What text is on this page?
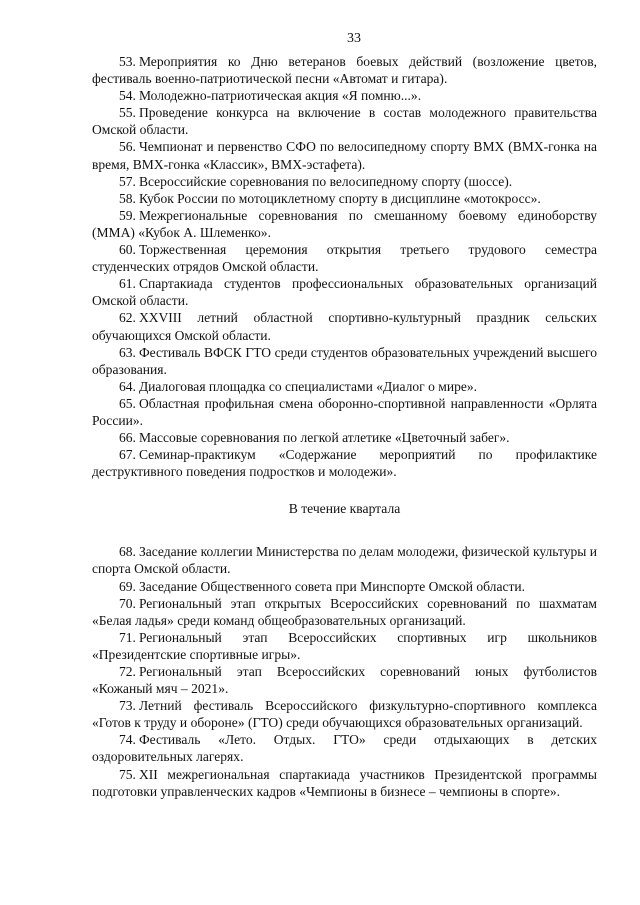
33

53. Мероприятия ко Дню ветеранов боевых действий (возложение цветов, фестиваль военно-патриотической песни «Автомат и гитара).

54. Молодежно-патриотическая акция «Я помню...».

55. Проведение конкурса на включение в состав молодежного правительства Омской области.

56. Чемпионат и первенство СФО по велосипедному спорту ВМХ (ВМХ-гонка на время, ВМХ-гонка «Классик», ВМХ-эстафета).

57. Всероссийские соревнования по велосипедному спорту (шоссе).

58. Кубок России по мотоциклетному спорту в дисциплине «мотокросс».

59. Межрегиональные соревнования по смешанному боевому единоборству (ММА) «Кубок А. Шлеменко».

60. Торжественная церемония открытия третьего трудового семестра студенческих отрядов Омской области.

61. Спартакиада студентов профессиональных образовательных организаций Омской области.

62. XXVIII летний областной спортивно-культурный праздник сельских обучающихся Омской области.

63. Фестиваль ВФСК ГТО среди студентов образовательных учреждений высшего образования.

64. Диалоговая площадка со специалистами «Диалог о мире».

65. Областная профильная смена оборонно-спортивной направленности «Орлята России».

66. Массовые соревнования по легкой атлетике «Цветочный забег».

67. Семинар-практикум «Содержание мероприятий по профилактике деструктивного поведения подростков и молодежи».

В течение квартала

68. Заседание коллегии Министерства по делам молодежи, физической культуры и спорта Омской области.

69. Заседание Общественного совета при Минспорте Омской области.

70. Региональный этап открытых Всероссийских соревнований по шахматам «Белая ладья» среди команд общеобразовательных организаций.

71. Региональный этап Всероссийских спортивных игр школьников «Президентские спортивные игры».

72. Региональный этап Всероссийских соревнований юных футболистов «Кожаный мяч – 2021».

73. Летний фестиваль Всероссийского физкультурно-спортивного комплекса «Готов к труду и обороне» (ГТО) среди обучающихся образовательных организаций.

74. Фестиваль «Лето. Отдых. ГТО» среди отдыхающих в детских оздоровительных лагерях.

75. XII межрегиональная спартакиада участников Президентской программы подготовки управленческих кадров «Чемпионы в бизнесе – чемпионы в спорте».
